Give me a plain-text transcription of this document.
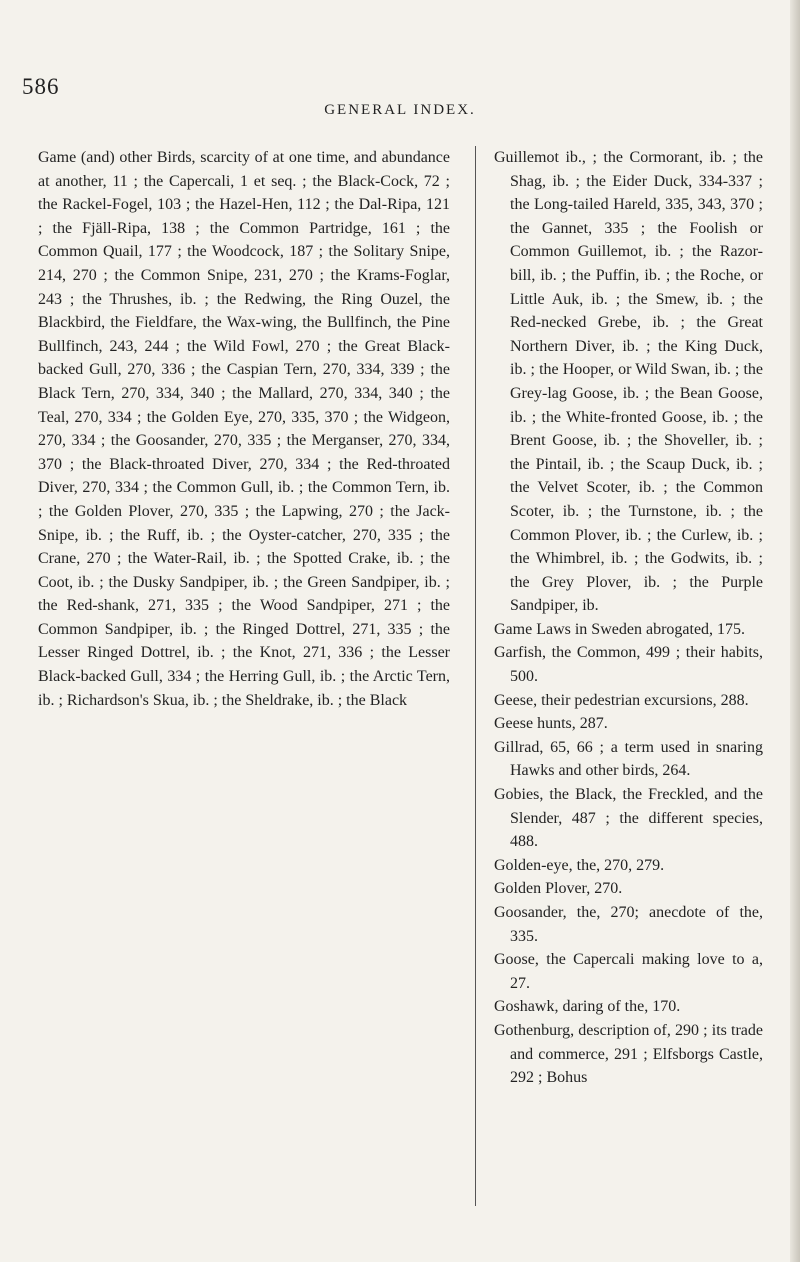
586
GENERAL INDEX.

Game (and) other Birds, scarcity of at one time, and abundance at another, 11 ; the Capercali, 1 et seq. ; the Black-Cock, 72 ; the Rackel-Fogel, 103 ; the Hazel-Hen, 112 ; the Dal-Ripa, 121 ; the Fjäll-Ripa, 138 ; the Common Partridge, 161 ; the Common Quail, 177 ; the Woodcock, 187 ; the Solitary Snipe, 214, 270 ; the Common Snipe, 231, 270 ; the Krams-Foglar, 243 ; the Thrushes, ib. ; the Redwing, the Ring Ouzel, the Blackbird, the Fieldfare, the Wax-wing, the Bullfinch, the Pine Bullfinch, 243, 244 ; the Wild Fowl, 270 ; the Great Black-backed Gull, 270, 336 ; the Caspian Tern, 270, 334, 339 ; the Black Tern, 270, 334, 340 ; the Mallard, 270, 334, 340 ; the Teal, 270, 334 ; the Golden Eye, 270, 335, 370 ; the Widgeon, 270, 334 ; the Goosander, 270, 335 ; the Merganser, 270, 334, 370 ; the Black-throated Diver, 270, 334 ; the Red-throated Diver, 270, 334 ; the Common Gull, ib. ; the Common Tern, ib. ; the Golden Plover, 270, 335 ; the Lapwing, 270 ; the Jack-Snipe, ib. ; the Ruff, ib. ; the Oyster-catcher, 270, 335 ; the Crane, 270 ; the Water-Rail, ib. ; the Spotted Crake, ib. ; the Coot, ib. ; the Dusky Sandpiper, ib. ; the Green Sandpiper, ib. ; the Red-shank, 271, 335 ; the Wood Sandpiper, 271 ; the Common Sandpiper, ib. ; the Ringed Dottrel, 271, 335 ; the Lesser Ringed Dottrel, ib. ; the Knot, 271, 336 ; the Lesser Black-backed Gull, 334 ; the Herring Gull, ib. ; the Arctic Tern, ib. ; Richardson's Skua, ib. ; the Sheldrake, ib. ; the Black

Guillemot ib., ; the Cormorant, ib. ; the Shag, ib. ; the Eider Duck, 334-337 ; the Long-tailed Hareld, 335, 343, 370 ; the Gannet, 335 ; the Foolish or Common Guillemot, ib. ; the Razor-bill, ib. ; the Puffin, ib. ; the Roche, or Little Auk, ib. ; the Smew, ib. ; the Red-necked Grebe, ib. ; the Great Northern Diver, ib. ; the King Duck, ib. ; the Hooper, or Wild Swan, ib. ; the Grey-lag Goose, ib. ; the Bean Goose, ib. ; the White-fronted Goose, ib. ; the Brent Goose, ib. ; the Shoveller, ib. ; the Pintail, ib. ; the Scaup Duck, ib. ; the Velvet Scoter, ib. ; the Common Scoter, ib. ; the Turnstone, ib. ; the Common Plover, ib. ; the Curlew, ib. ; the Whimbrel, ib. ; the Godwits, ib. ; the Grey Plover, ib. ; the Purple Sandpiper, ib.

Game Laws in Sweden abrogated, 175.

Garfish, the Common, 499 ; their habits, 500.

Geese, their pedestrian excursions, 288.

Geese hunts, 287.

Gillrad, 65, 66 ; a term used in snaring Hawks and other birds, 264.

Gobies, the Black, the Freckled, and the Slender, 487 ; the different species, 488.

Golden-eye, the, 270, 279.

Golden Plover, 270.

Goosander, the, 270; anecdote of the, 335.

Goose, the Capercali making love to a, 27.

Goshawk, daring of the, 170.

Gothenburg, description of, 290 ; its trade and commerce, 291 ; Elfsborgs Castle, 292 ; Bohus
